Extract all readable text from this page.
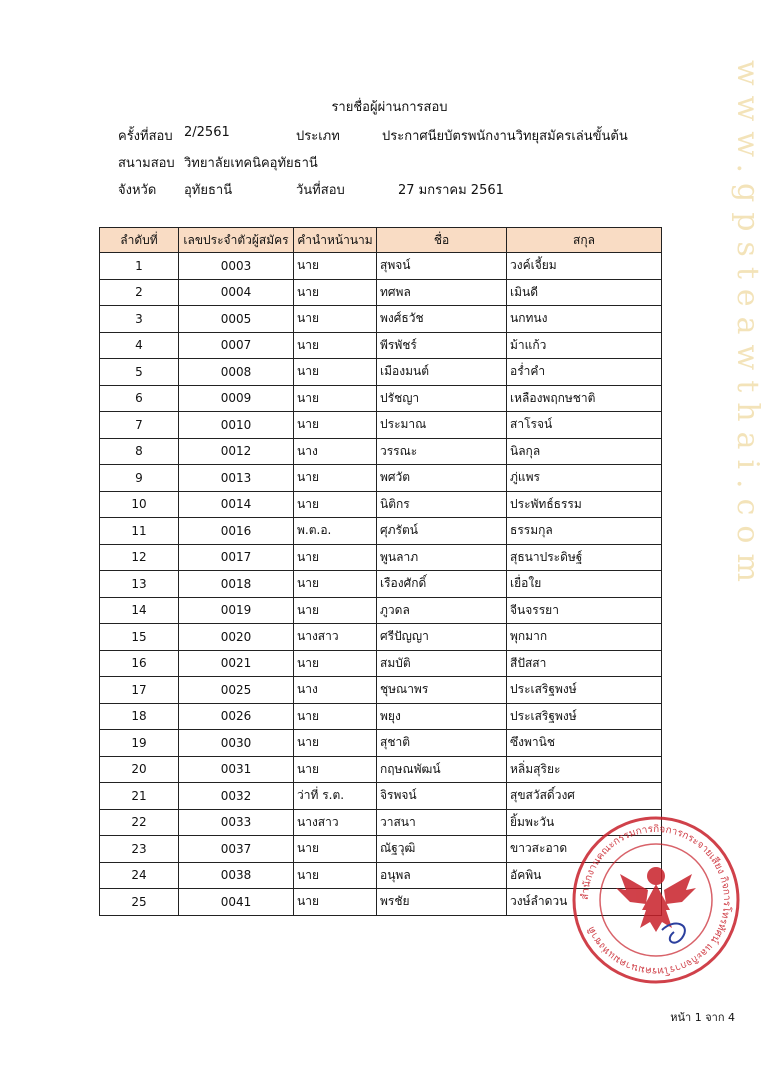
www.gpsteawthai.com
รายชื่อผู้ผ่านการสอบ
ครั้งที่สอบ 2/2561	ประเภท	ประกาศนียบัตรพนักงานวิทยุสมัครเล่นขั้นต้น
สนามสอบ วิทยาลัยเทคนิคอุทัยธานี
จังหวัด อุทัยธานี	วันที่สอบ	27 มกราคม 2561
ลำดับที่	เลขประจำตัวผู้สมัคร	คำนำหน้านาม	ชื่อ	สกุล
1	0003	นาย	สุพจน์	วงค์เจี้ยม
2	0004	นาย	ทศพล	เมินดี
3	0005	นาย	พงศ์ธวัช	นกทนง
4	0007	นาย	พีรพัชร์	ม้าแก้ว
5	0008	นาย	เมืองมนต์	อร่ำคำ
6	0009	นาย	ปรัชญา	เหลืองพฤกษชาติ
7	0010	นาย	ประมาณ	สาโรจน์
8	0012	นาง	วรรณะ	นิลกุล
9	0013	นาย	พศวัต	ภู่แพร
10	0014	นาย	นิติกร	ประพัทธ์ธรรม
11	0016	พ.ต.อ.	ศุภรัตน์	ธรรมกุล
12	0017	นาย	พูนลาภ	สุธนาประดิษฐ์
13	0018	นาย	เรืองศักดิ์	เยื่อใย
14	0019	นาย	ภูวดล	จีนจรรยา
15	0020	นางสาว	ศรีปัญญา	พุกมาก
16	0021	นาย	สมบัติ	สีปัสสา
17	0025	นาง	ชุษณาพร	ประเสริฐพงษ์
18	0026	นาย	พยุง	ประเสริฐพงษ์
19	0030	นาย	สุชาติ	ซึงพานิช
20	0031	นาย	กฤษณพัฒน์	หลิ่มสุริยะ
21	0032	ว่าที่ ร.ต.	จิรพจน์	สุขสวัสดิ์วงศ
22	0033	นางสาว	วาสนา	ยิ้มพะวัน
23	0037	นาย	ณัฐวุฒิ	ขาวสะอาด
24	0038	นาย	อนุพล	อัคพิน
25	0041	นาย	พรชัย	วงษ์ลำดวน
สำนักงานคณะกรรมการกิจการกระจายเสียง กิจการโทรทัศน์ และกิจการโทรคมนาคมแห่งชาติ
หน้า 1 จาก 4
